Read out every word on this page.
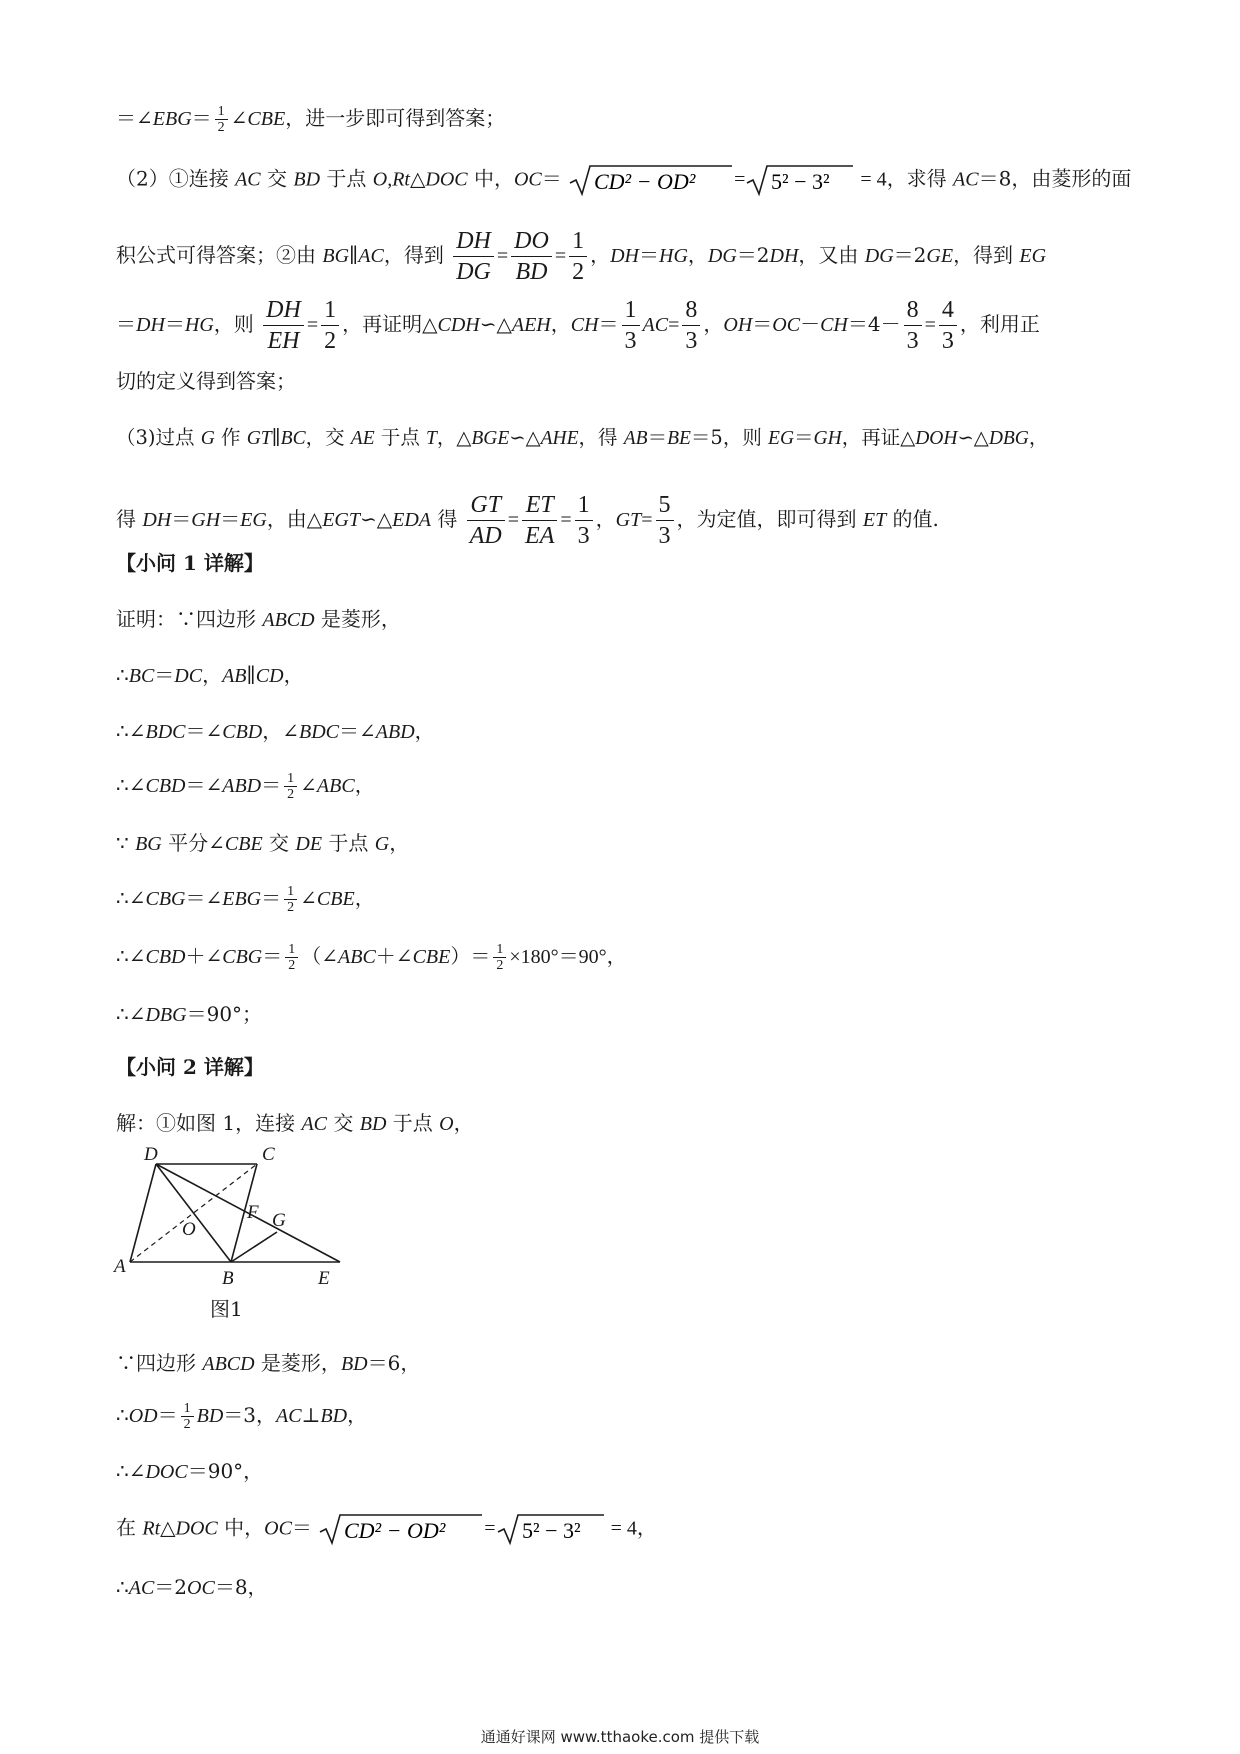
＝∠EBG＝ $\frac{1}{2}$ ∠CBE，进一步即可得到答案；
（2）①连接 AC 交 BD 于点 O,Rt△DOC 中，OC＝ CD² − OD² = 5² − 3² = 4，求得 AC＝8，由菱形的面
积公式可得答案；②由 BG∥AC，得到 $\frac{DH}{DG} = \frac{DO}{BD} = \frac{1}{2}$ ，DH＝HG，DG＝2DH，又由 DG＝2GE，得到 EG
＝DH＝HG，则 $\frac{DH}{EH} = \frac{1}{2}$ ，再证明△CDH∽△AEH，$CH= \frac{1}{3} AC= \frac{8}{3}$ ，$OH=OC-CH=4- \frac{8}{3} = \frac{4}{3}$ ，利用正
切的定义得到答案；
（3)过点 G 作 GT∥BC，交 AE 于点 T，△BGE∽△AHE，得 AB＝BE＝5，则 EG＝GH，再证△DOH∽△DBG，
得 DH＝GH＝EG，由△EGT∽△EDA 得 $\frac{GT}{AD} = \frac{ET}{EA} = \frac{1}{3}$ ，$GT= \frac{5}{3}$ ，为定值，即可得到 ET 的值.
【小问 1 详解】
证明：∵四边形 ABCD 是菱形，
∴BC＝DC，AB∥CD，
∴∠BDC＝∠CBD，∠BDC＝∠ABD，
∴∠CBD＝∠ABD＝ $\frac{1}{2}$ ∠ABC，
∵ BG 平分∠CBE 交 DE 于点 G，
∴∠CBG＝∠EBG＝ $\frac{1}{2}$ ∠CBE，
∴∠CBD＋∠CBG＝ $\frac{1}{2}$ （∠ABC＋∠CBE）＝ $\frac{1}{2} \times 180^\circ=90^\circ$，
∴∠DBG＝90°；
【小问 2 详解】
解：①如图 1，连接 AC 交 BD 于点 O，
D	C
A
B	E
O
F G
图1
∵四边形 ABCD 是菱形，BD＝6，
∴OD＝ $\frac{1}{2} BD=3$，AC⊥BD，
∴∠DOC＝90°，
在 Rt△DOC 中，OC＝ CD² − OD² = 5² − 3² = 4，
∴AC＝2OC＝8，
通通好课网 www.tthaoke.com 提供下载
